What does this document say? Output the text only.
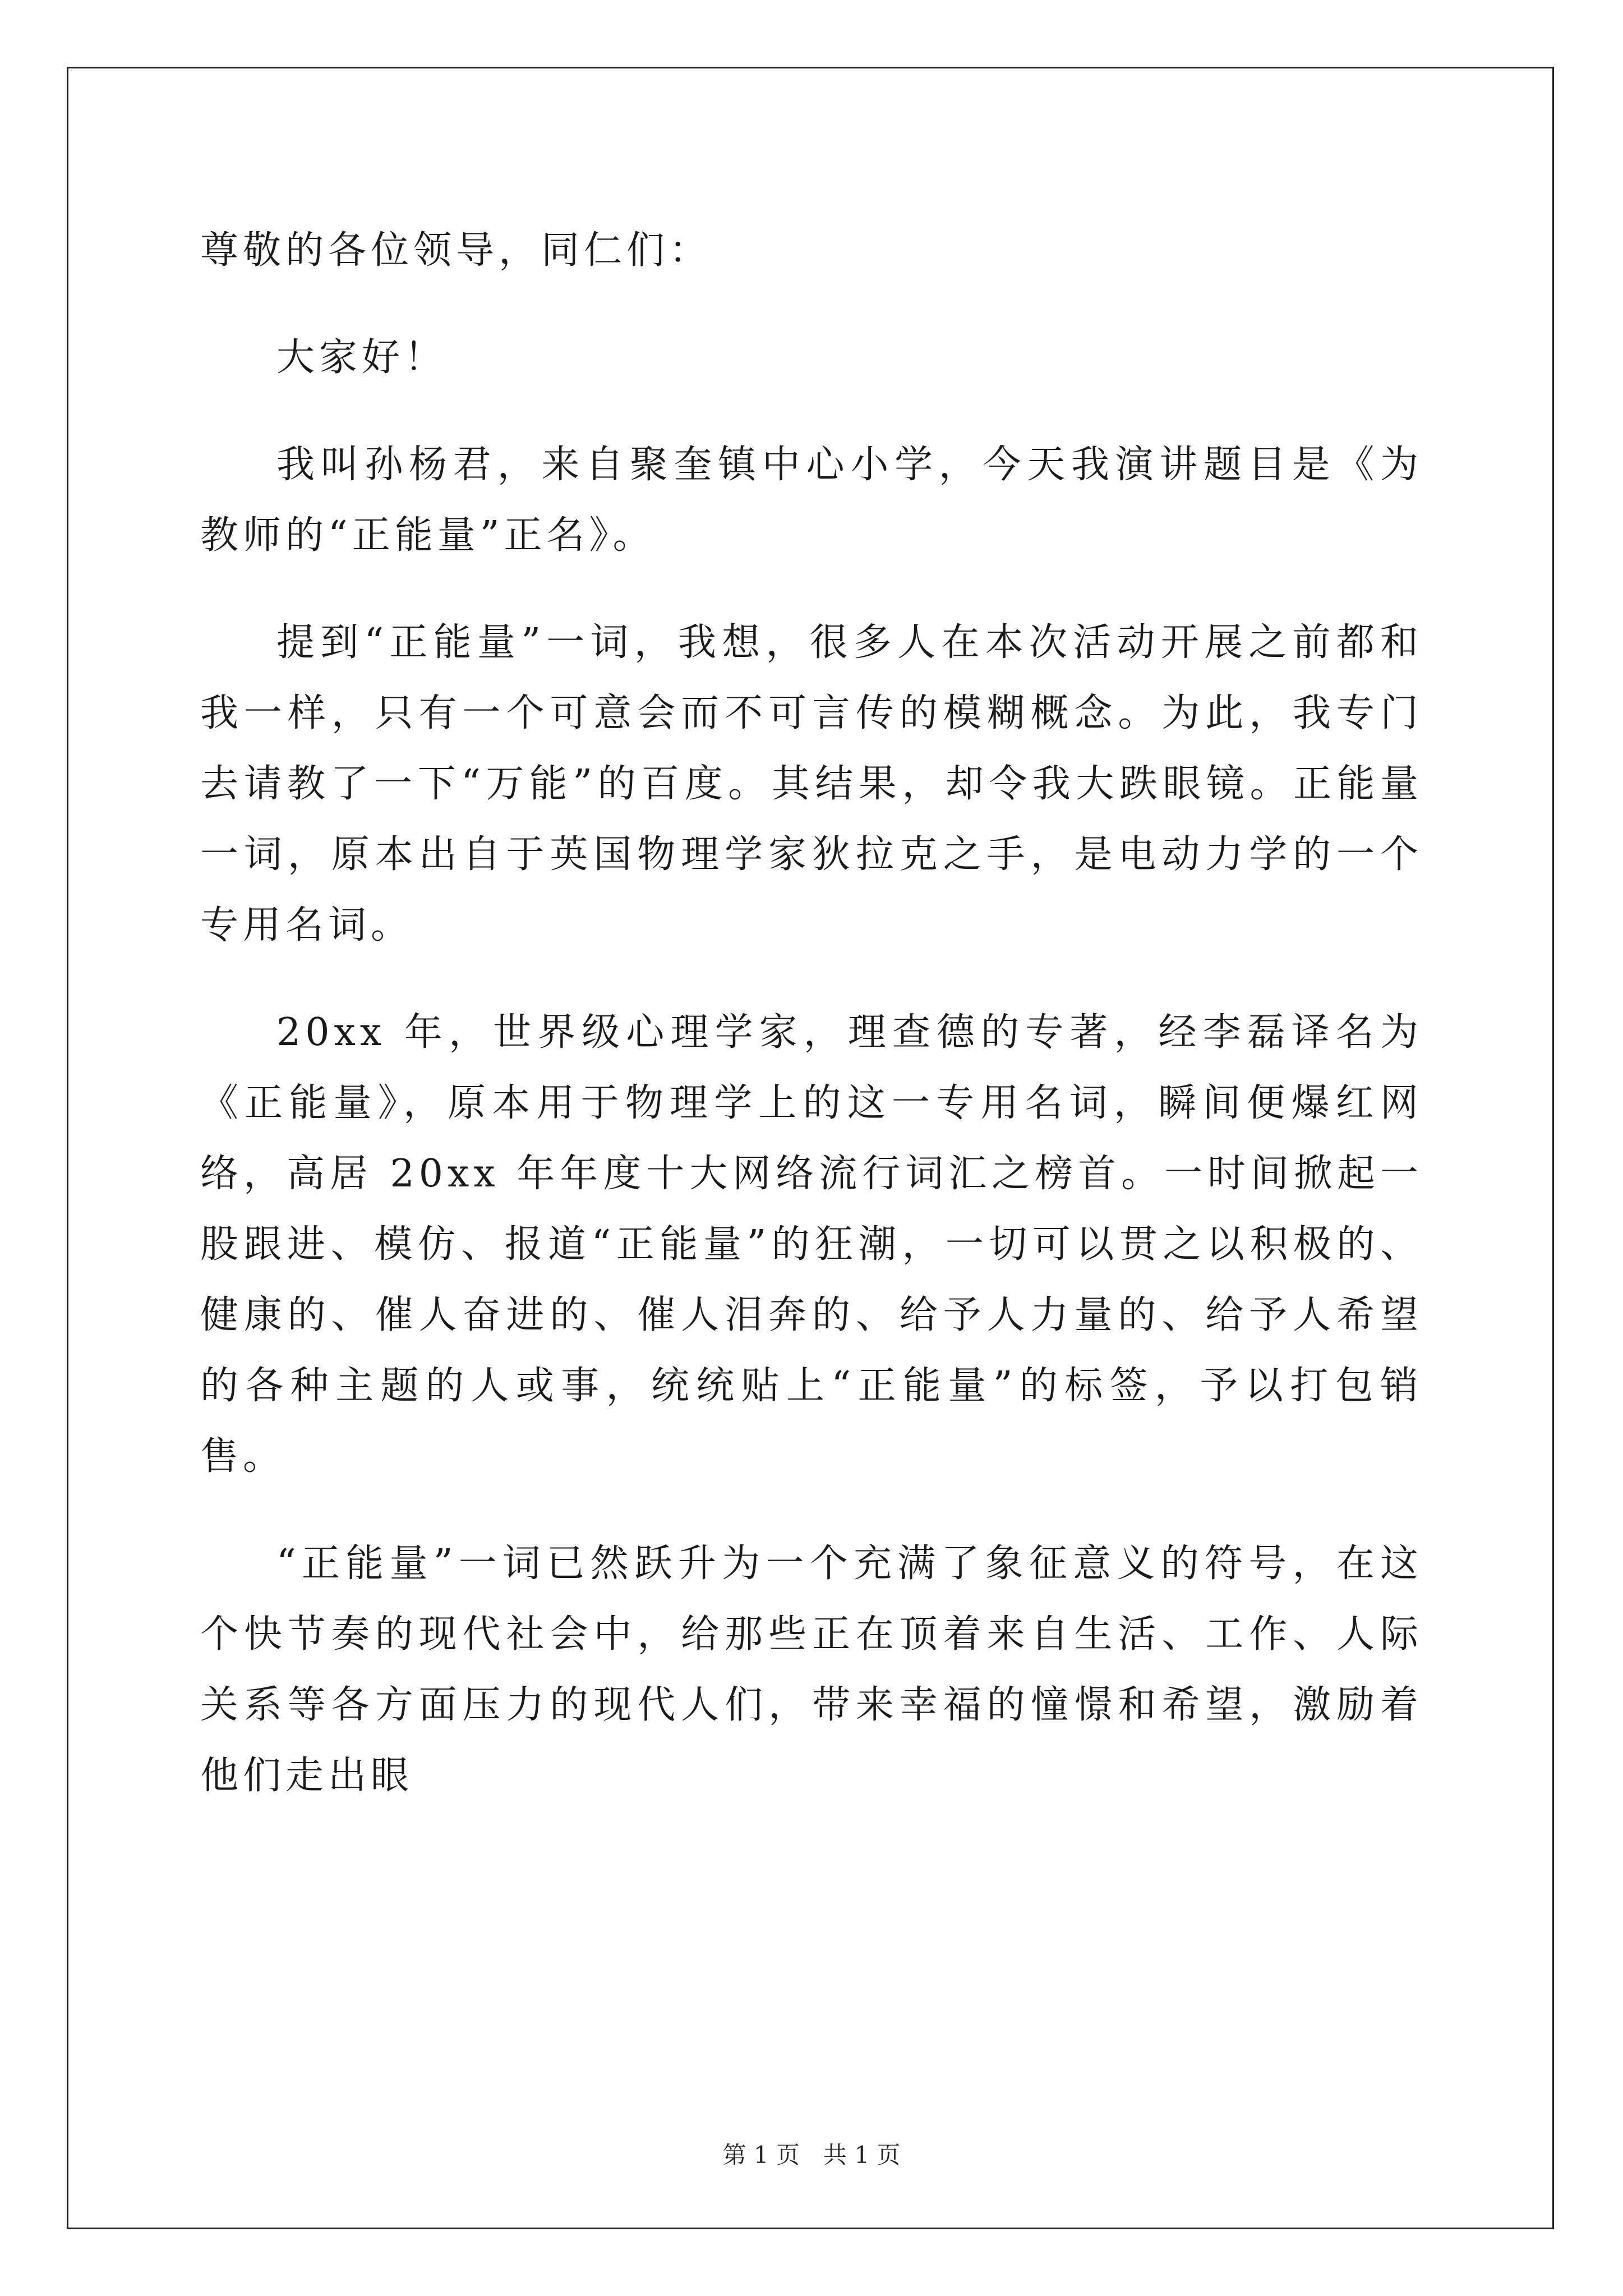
尊敬的各位领导，同仁们：

大家好！

我叫孙杨君，来自聚奎镇中心小学，今天我演讲题目是《为教师的“正能量”正名》。

提到“正能量”一词，我想，很多人在本次活动开展之前都和我一样，只有一个可意会而不可言传的模糊概念。为此，我专门去请教了一下“万能”的百度。其结果，却令我大跌眼镜。正能量一词，原本出自于英国物理学家狄拉克之手，是电动力学的一个专用名词。

20xx 年，世界级心理学家，理查德的专著，经李磊译名为《正能量》，原本用于物理学上的这一专用名词，瞬间便爆红网络，高居 20xx 年年度十大网络流行词汇之榜首。一时间掀起一股跟进、模仿、报道“正能量”的狂潮，一切可以贯之以积极的、健康的、催人奋进的、催人泪奔的、给予人力量的、给予人希望的各种主题的人或事，统统贴上“正能量”的标签，予以打包销售。

“正能量”一词已然跃升为一个充满了象征意义的符号，在这个快节奏的现代社会中，给那些正在顶着来自生活、工作、人际关系等各方面压力的现代人们，带来幸福的憧憬和希望，激励着他们走出眼

第 1 页　共 1 页
